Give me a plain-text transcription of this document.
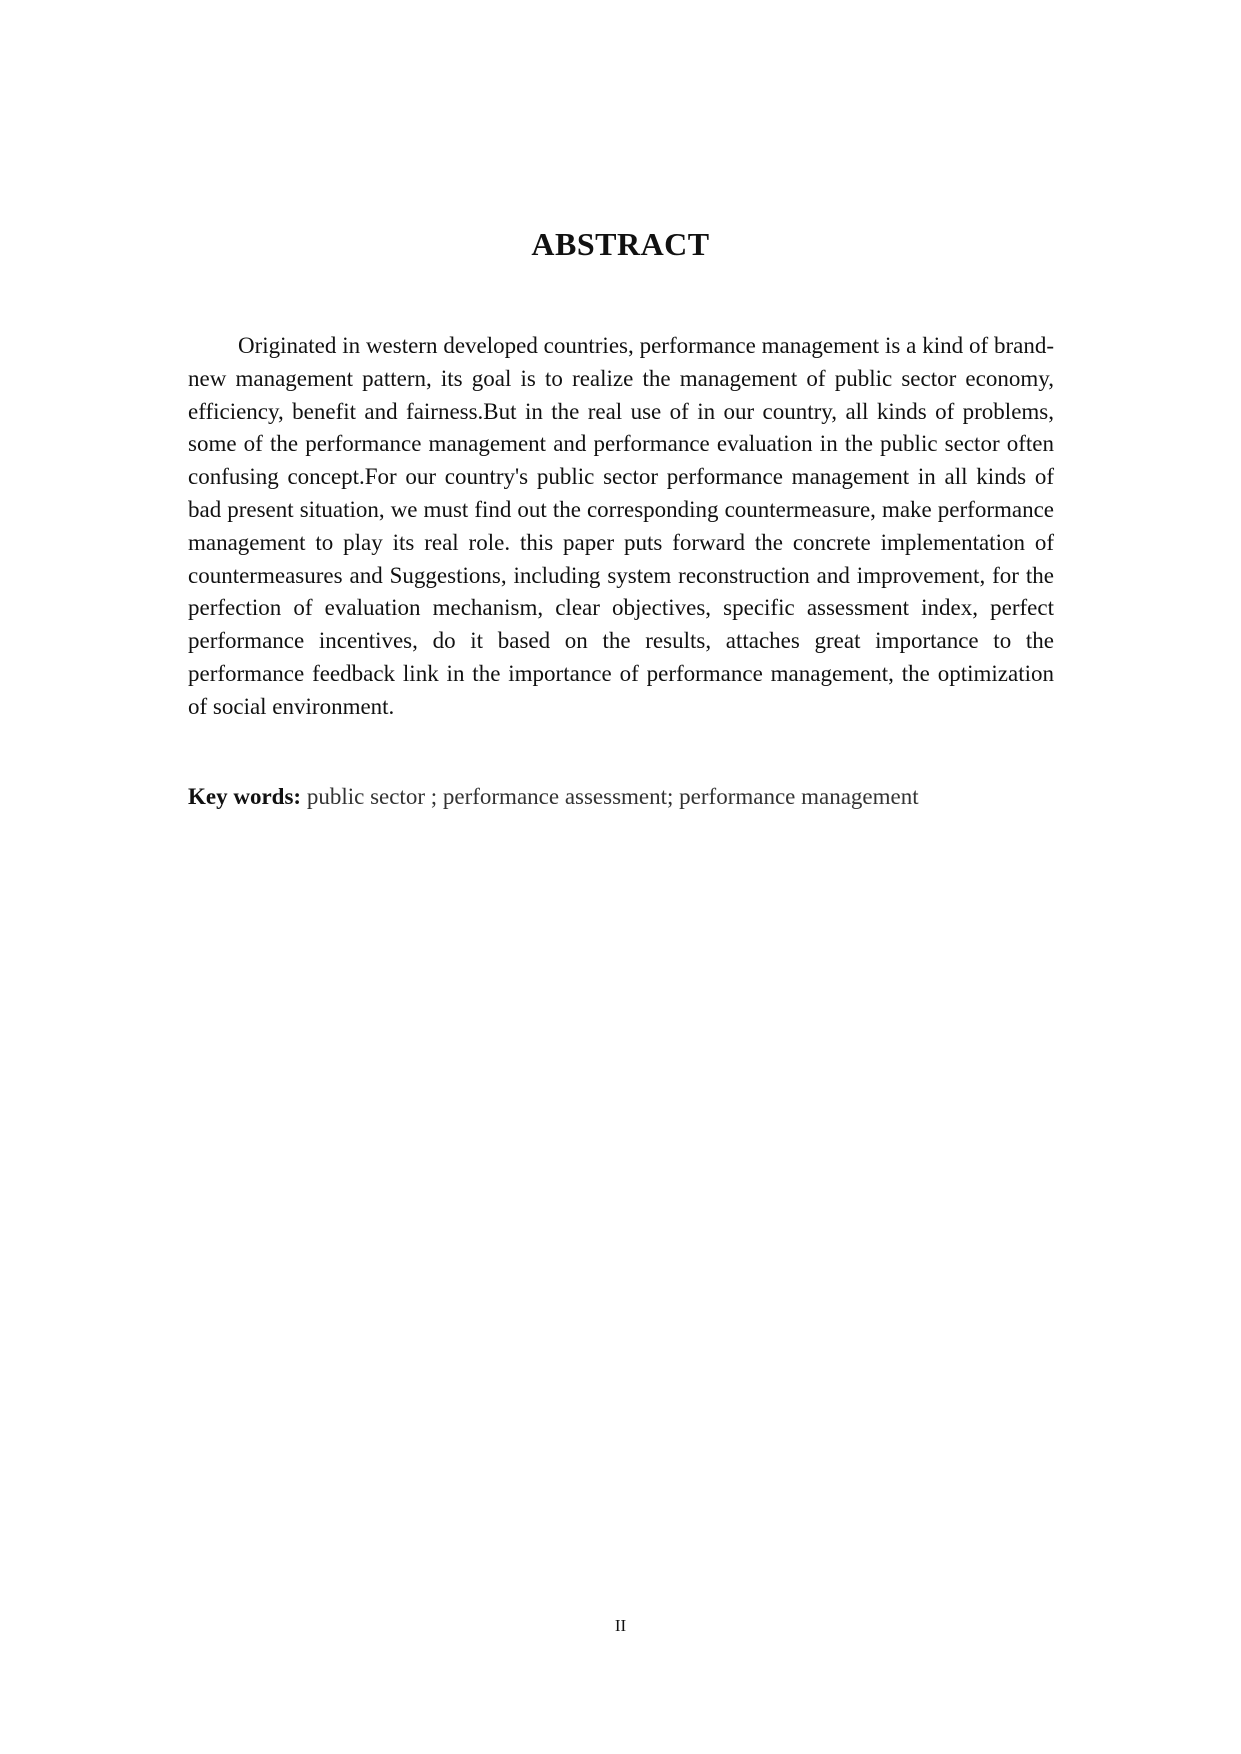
ABSTRACT

Originated in western developed countries, performance management is a kind of brand-new management pattern, its goal is to realize the management of public sector economy, efficiency, benefit and fairness.But in the real use of in our country, all kinds of problems, some of the performance management and performance evaluation in the public sector often confusing concept.For our country's public sector performance management in all kinds of bad present situation, we must find out the corresponding countermeasure, make performance management to play its real role. this paper puts forward the concrete implementation of countermeasures and Suggestions, including system reconstruction and improvement, for the perfection of evaluation mechanism, clear objectives, specific assessment index, perfect performance incentives, do it based on the results, attaches great importance to the performance feedback link in the importance of performance management, the optimization of social environment.

Key words: public sector ; performance assessment; performance management

II
